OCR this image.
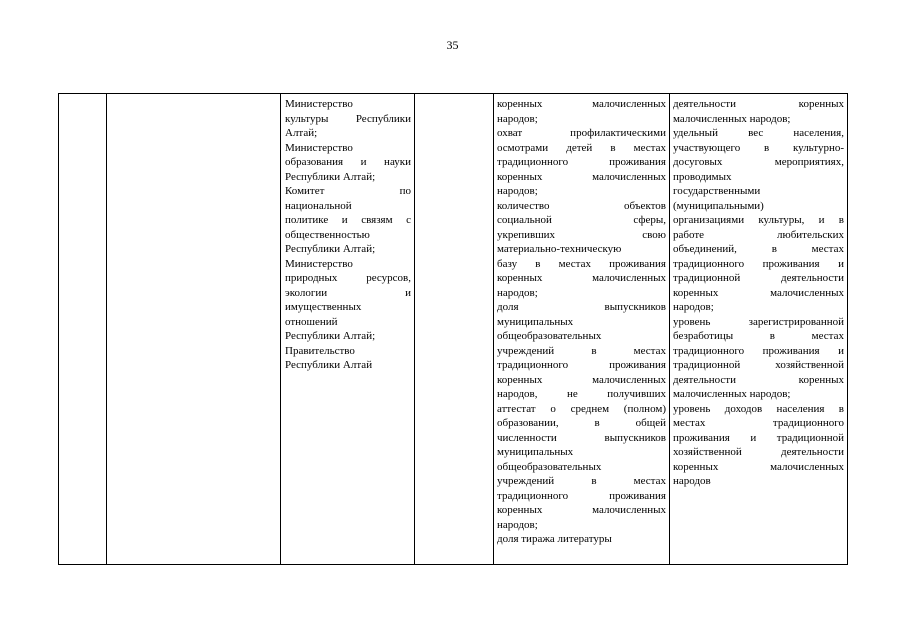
35
Министерство
культуры Республики
Алтай;
Министерство
образования и науки
Республики Алтай;
Комитет по
национальной
политике и связям с
общественностью
Республики Алтай;
Министерство
природных ресурсов,
экологии и
имущественных
отношений
Республики Алтай;
Правительство
Республики Алтай
коренных малочисленных
народов;
охват профилактическими
осмотрами детей в местах
традиционного проживания
коренных малочисленных
народов;
количество объектов
социальной сферы,
укрепивших свою
материально-техническую
базу в местах проживания
коренных малочисленных
народов;
доля выпускников
муниципальных
общеобразовательных
учреждений в местах
традиционного проживания
коренных малочисленных
народов, не получивших
аттестат о среднем (полном)
образовании, в общей
численности выпускников
муниципальных
общеобразовательных
учреждений в местах
традиционного проживания
коренных малочисленных
народов;
доля тиража литературы
деятельности коренных
малочисленных народов;
удельный вес населения,
участвующего в культурно-
досуговых мероприятиях,
проводимых
государственными
(муниципальными)
организациями культуры, и в
работе любительских
объединений, в местах
традиционного проживания и
традиционной деятельности
коренных малочисленных
народов;
уровень зарегистрированной
безработицы в местах
традиционного проживания и
традиционной хозяйственной
деятельности коренных
малочисленных народов;
уровень доходов населения в
местах традиционного
проживания и традиционной
хозяйственной деятельности
коренных малочисленных
народов
